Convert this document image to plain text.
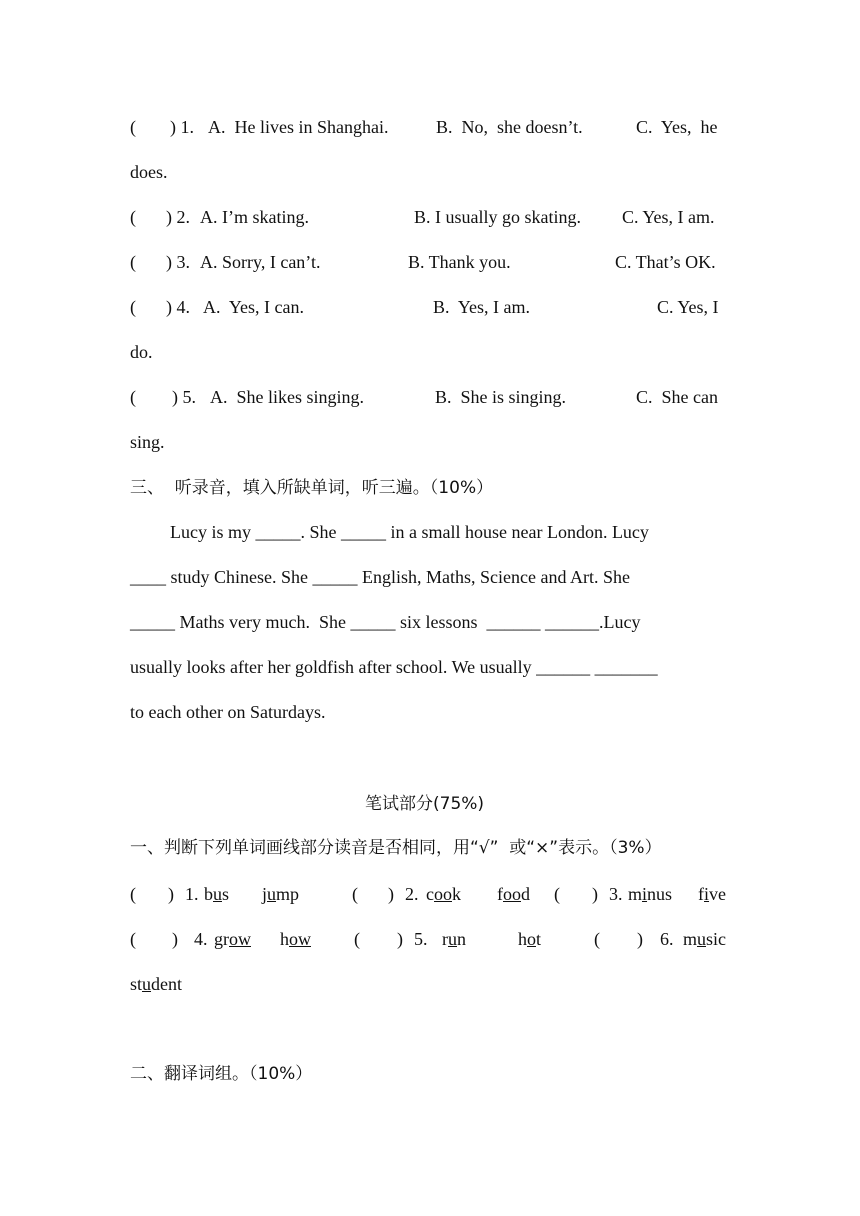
( ) 1. A.  He lives in Shanghai.	B.  No,  she doesn’t.	C.  Yes,  he
does.
( ) 2. A. I’m skating.	B. I usually go skating. C. Yes, I am.
( ) 3. A. Sorry, I can’t.	B. Thank you.	C. That’s OK.
( ) 4. A.  Yes, I can.	B.  Yes, I am.	C. Yes, I
do.
( ) 5. A.  She likes singing.	B.  She is singing.	C.  She can
sing.
三、  听录音，填入所缺单词，听三遍。（10%）
Lucy is my _____. She _____ in a small house near London. Lucy
____ study Chinese. She _____ English, Maths, Science and Art. She
_____ Maths very much.  She _____ six lessons  ______ ______.Lucy
usually looks after her goldfish after school. We usually ______ _______
to each other on Saturdays.
笔试部分(75%)
一、判断下列单词画线部分读音是否相同，用“√”  或“×”表示。（3%）
( ) 1. bus jump	( ) 2. cook food ( ) 3. minus five
( ) 4. grow how ( ) 5. run	hot	( ) 6. music
student
二、翻译词组。（10%）
